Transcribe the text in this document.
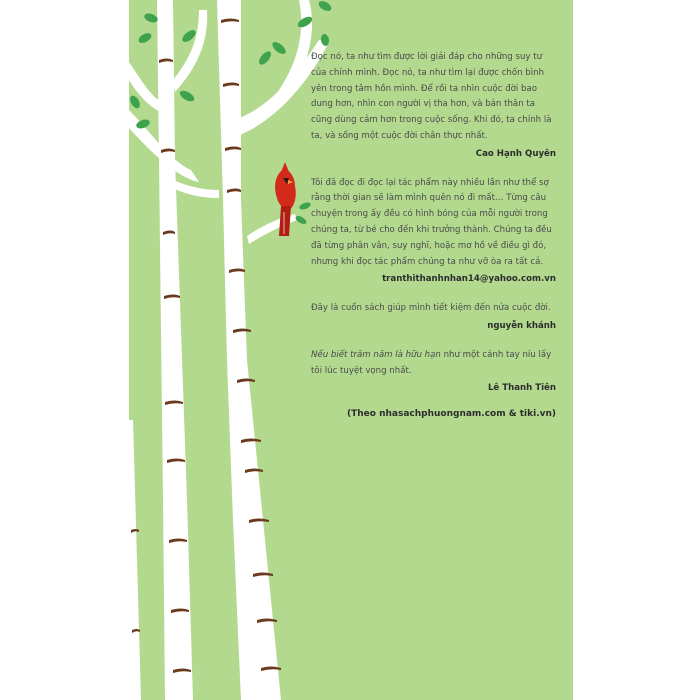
Đọc nó, ta như tìm được lời giải đáp cho những suy tư của chính mình. Đọc nó, ta như tìm lại được chốn bình yên trong tâm hồn mình. Để rồi ta nhìn cuộc đời bao dung hơn, nhìn con người vị tha hơn, và bản thân ta cũng dùng cảm hơn trong cuộc sống. Khi đó, ta chính là ta, và sống một cuộc đời chân thực nhất.

Cao Hạnh Quyên

Tôi đã đọc đi đọc lại tác phẩm này nhiều lần như thể sợ rằng thời gian sẽ làm mình quên nó đi mất… Từng câu chuyện trong ấy đều có hình bóng của mỗi người trong chúng ta, từ bé cho đến khi trưởng thành. Chúng ta đều đã từng phân vân, suy nghĩ, hoặc mơ hồ về điều gì đó, nhưng khi đọc tác phẩm chúng ta như vỡ òa ra tất cả.

tranthithanhnhan14@yahoo.com.vn

Đây là cuốn sách giúp mình tiết kiệm đến nửa cuộc đời.

nguyễn khánh

Nếu biết trăm năm là hữu hạn như một cánh tay níu lấy tôi lúc tuyệt vọng nhất.

Lê Thanh Tiên

(Theo nhasachphuongnam.com & tiki.vn)
